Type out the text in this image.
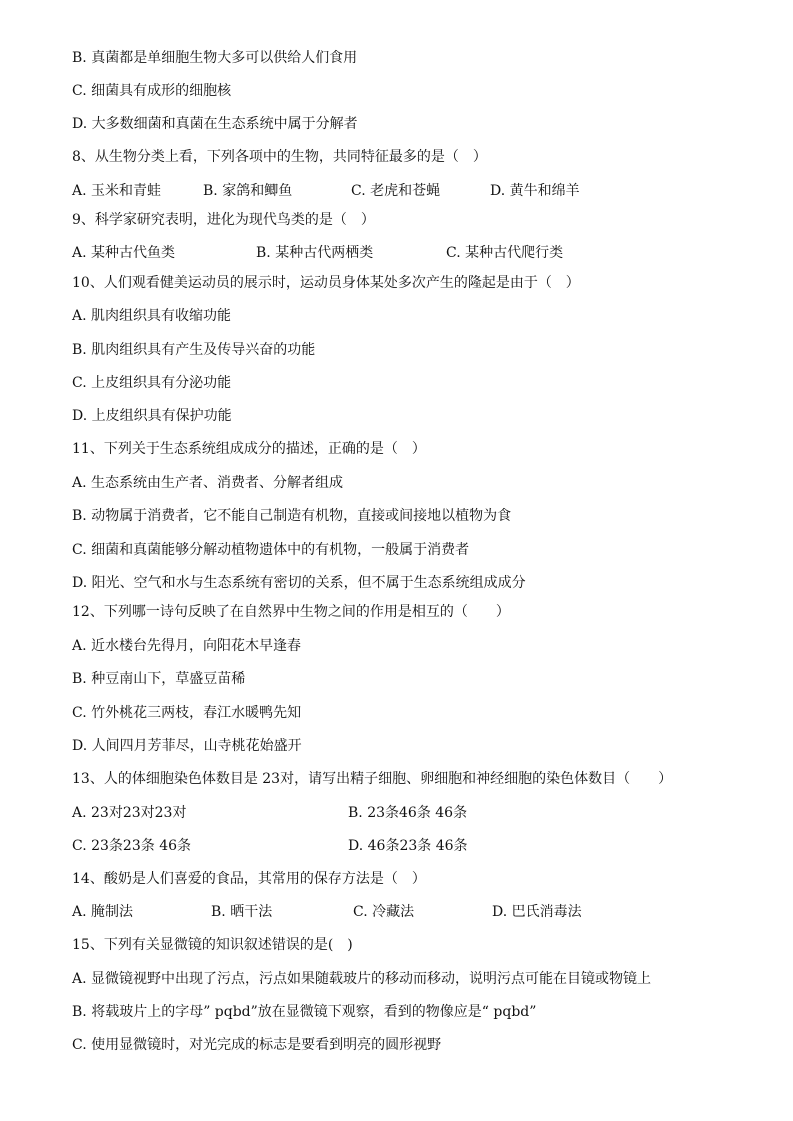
B. 真菌都是单细胞生物大多可以供给人们食用
C. 细菌具有成形的细胞核
D. 大多数细菌和真菌在生态系统中属于分解者
8、从生物分类上看，下列各项中的生物，共同特征最多的是（　）
A. 玉米和青蛙	B. 家鸽和鲫鱼	C. 老虎和苍蝇	D. 黄牛和绵羊
9、科学家研究表明，进化为现代鸟类的是（　）
A. 某种古代鱼类	B. 某种古代两栖类	C. 某种古代爬行类
10、人们观看健美运动员的展示时，运动员身体某处多次产生的隆起是由于（　）
A. 肌肉组织具有收缩功能
B. 肌肉组织具有产生及传导兴奋的功能
C. 上皮组织具有分泌功能
D. 上皮组织具有保护功能
11、下列关于生态系统组成成分的描述，正确的是（　）
A. 生态系统由生产者、消费者、分解者组成
B. 动物属于消费者，它不能自己制造有机物，直接或间接地以植物为食
C. 细菌和真菌能够分解动植物遗体中的有机物，一般属于消费者
D. 阳光、空气和水与生态系统有密切的关系，但不属于生态系统组成成分
12、下列哪一诗句反映了在自然界中生物之间的作用是相互的（　　）
A. 近水楼台先得月，向阳花木早逢春
B. 种豆南山下，草盛豆苗稀
C. 竹外桃花三两枝，春江水暖鸭先知
D. 人间四月芳菲尽，山寺桃花始盛开
13、人的体细胞染色体数目是 23对，请写出精子细胞、卵细胞和神经细胞的染色体数目（　　）
A. 23对23对23对	B. 23条46条 46条
C. 23条23条 46条	D. 46条23条 46条
14、酸奶是人们喜爱的食品，其常用的保存方法是（　）
A. 腌制法	B. 晒干法	C. 冷藏法	D. 巴氏消毒法
15、下列有关显微镜的知识叙述错误的是(　)
A. 显微镜视野中出现了污点，污点如果随载玻片的移动而移动，说明污点可能在目镜或物镜上
B. 将载玻片上的字母” pqbd”放在显微镜下观察，看到的物像应是“ pqbd”
C. 使用显微镜时，对光完成的标志是要看到明亮的圆形视野
